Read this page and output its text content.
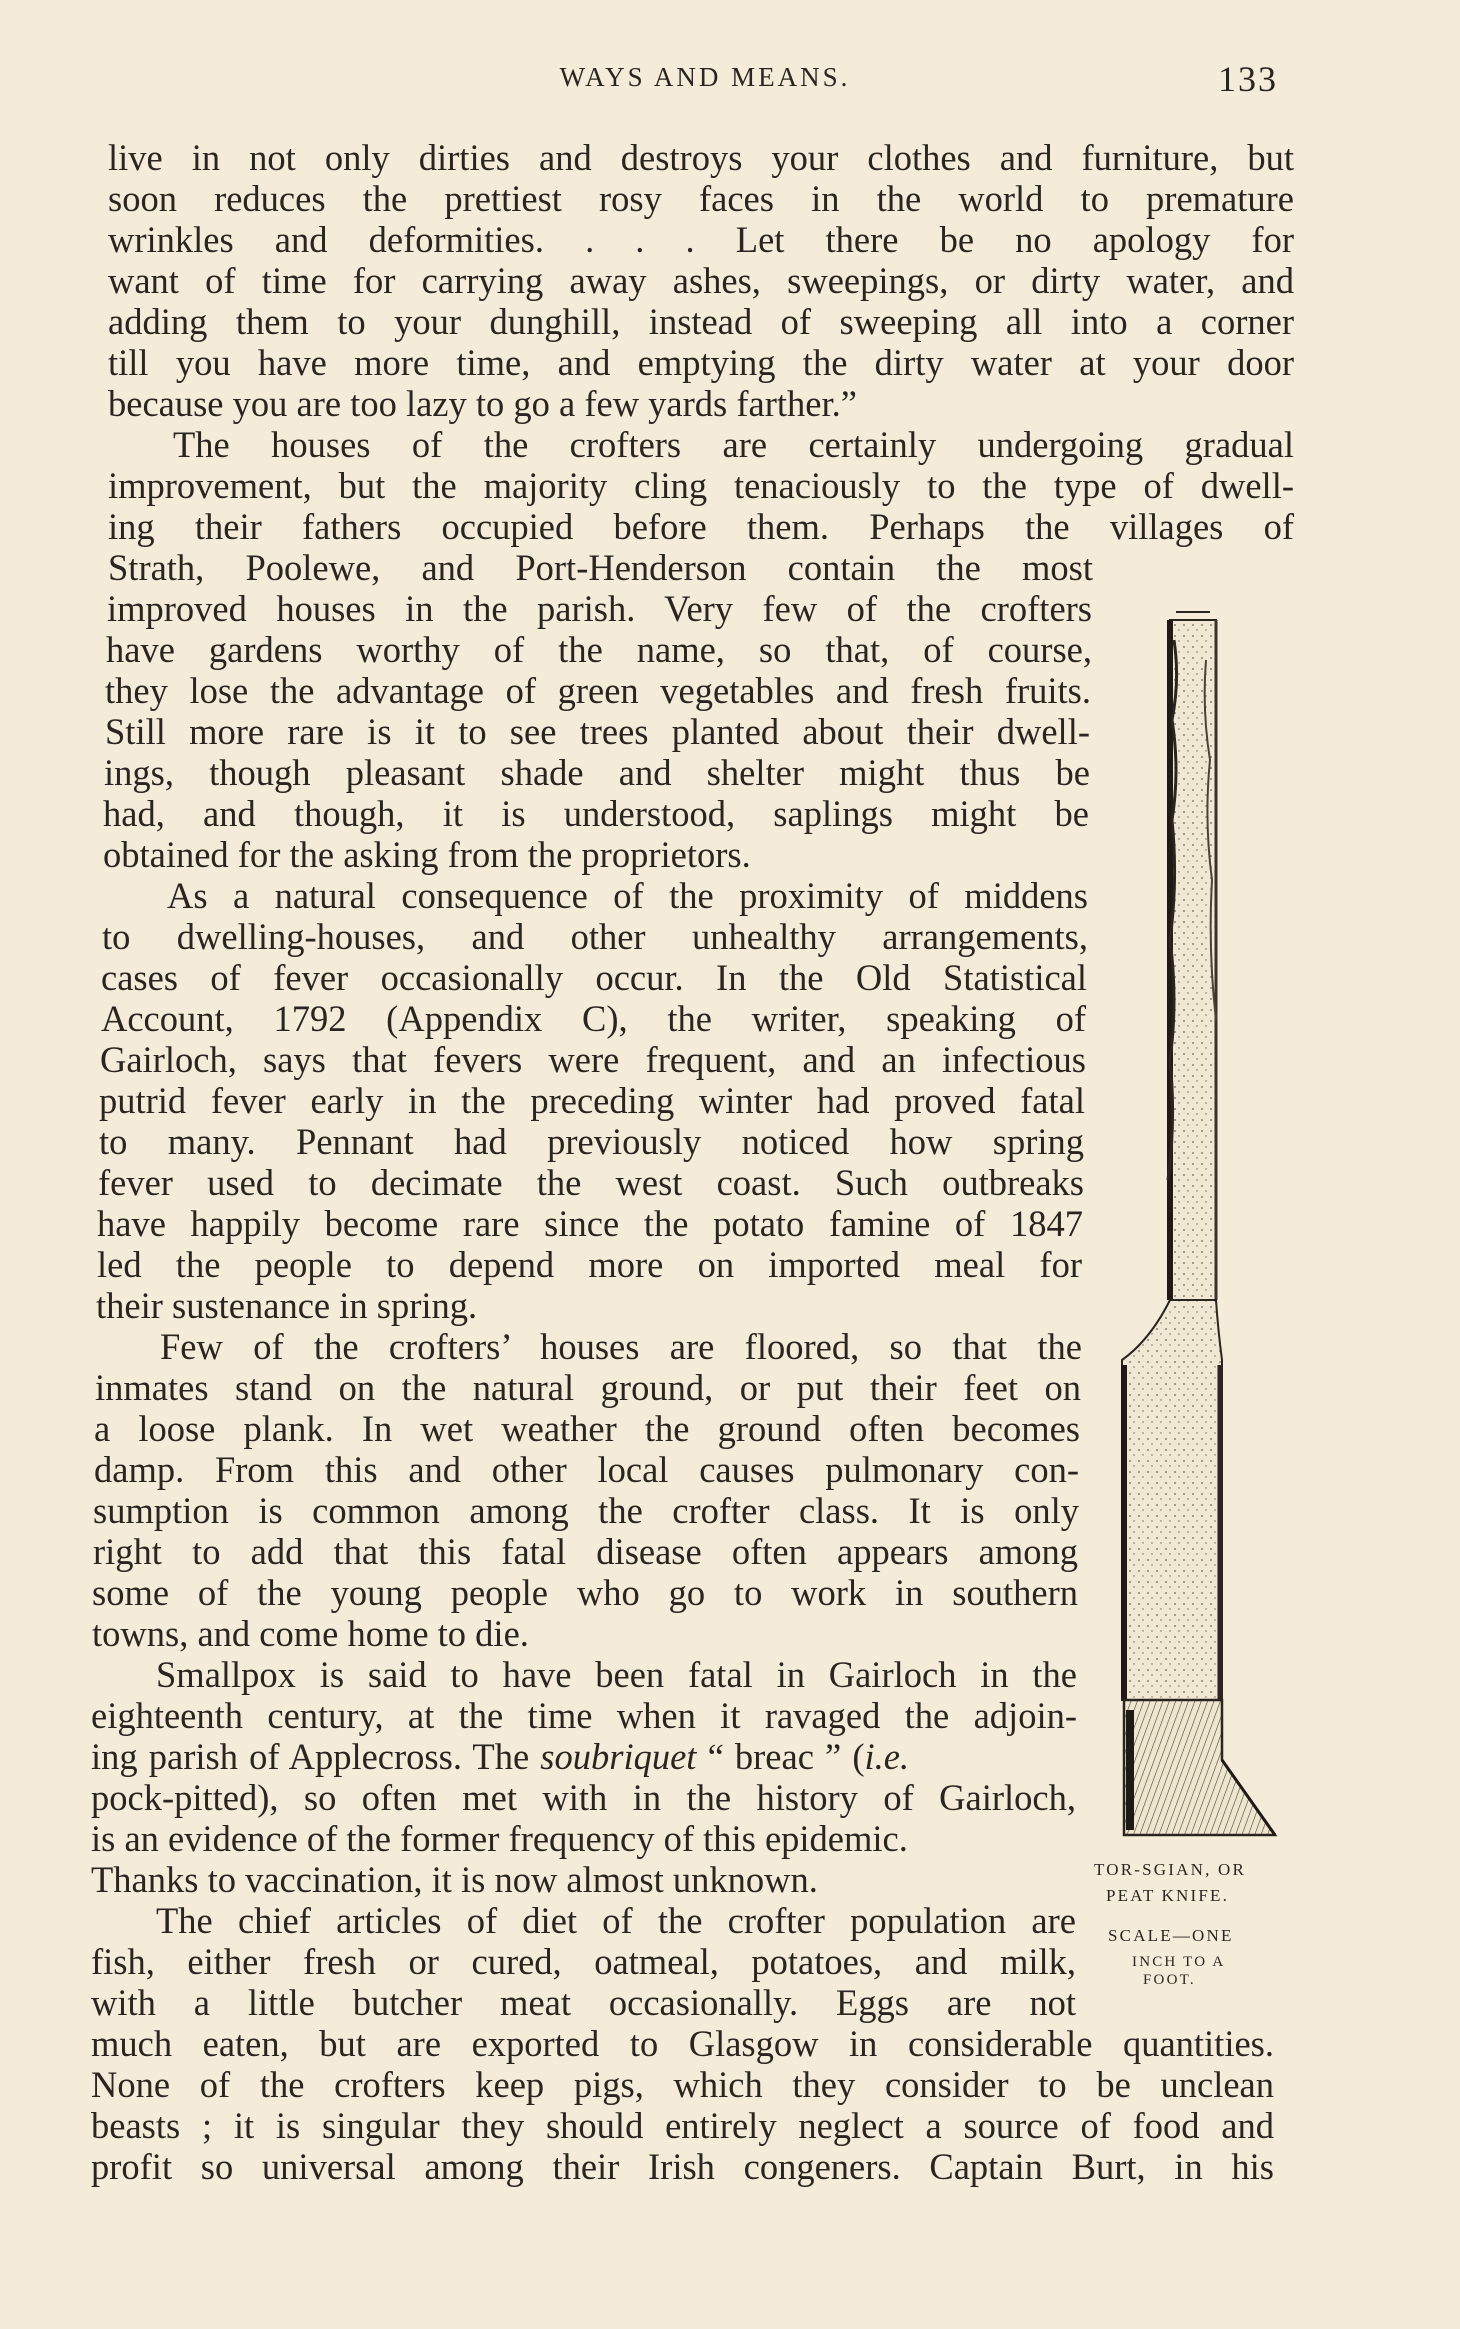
WAYS AND MEANS.	133
live in not only dirties and destroys your clothes and furniture, but
soon reduces the prettiest rosy faces in the world to premature
wrinkles and deformities. . . . Let there be no apology for
want of time for carrying away ashes, sweepings, or dirty water, and
adding them to your dunghill, instead of sweeping all into a corner
till you have more time, and emptying the dirty water at your door
because you are too lazy to go a few yards farther.”
The houses of the crofters are certainly undergoing gradual
improvement, but the majority cling tenaciously to the type of dwell-
ing their fathers occupied before them. Perhaps the villages of
Strath, Poolewe, and Port-Henderson contain the most
improved houses in the parish. Very few of the crofters
have gardens worthy of the name, so that, of course,
they lose the advantage of green vegetables and fresh fruits.
Still more rare is it to see trees planted about their dwell-
ings, though pleasant shade and shelter might thus be
had, and though, it is understood, saplings might be
obtained for the asking from the proprietors.
As a natural consequence of the proximity of middens
to dwelling-houses, and other unhealthy arrangements,
cases of fever occasionally occur. In the Old Statistical
Account, 1792 (Appendix C), the writer, speaking of
Gairloch, says that fevers were frequent, and an infectious
putrid fever early in the preceding winter had proved fatal
to many. Pennant had previously noticed how spring
fever used to decimate the west coast. Such outbreaks
have happily become rare since the potato famine of 1847
led the people to depend more on imported meal for
their sustenance in spring.
Few of the crofters’ houses are floored, so that the
inmates stand on the natural ground, or put their feet on
a loose plank. In wet weather the ground often becomes
damp. From this and other local causes pulmonary con-
sumption is common among the crofter class. It is only
right to add that this fatal disease often appears among
some of the young people who go to work in southern
towns, and come home to die.
Smallpox is said to have been fatal in Gairloch in the
eighteenth century, at the time when it ravaged the adjoin-
ing parish of Applecross. The soubriquet “ breac ” (i.e.
pock-pitted), so often met with in the history of Gairloch,
is an evidence of the former frequency of this epidemic.
Thanks to vaccination, it is now almost unknown.
The chief articles of diet of the crofter population are
fish, either fresh or cured, oatmeal, potatoes, and milk,
with a little butcher meat occasionally. Eggs are not
much eaten, but are exported to Glasgow in considerable quantities.
None of the crofters keep pigs, which they consider to be unclean
beasts ; it is singular they should entirely neglect a source of food and
profit so universal among their Irish congeners. Captain Burt, in his
TOR-SGIAN, OR
PEAT KNIFE.
SCALE—ONE
INCH TO A
FOOT.
